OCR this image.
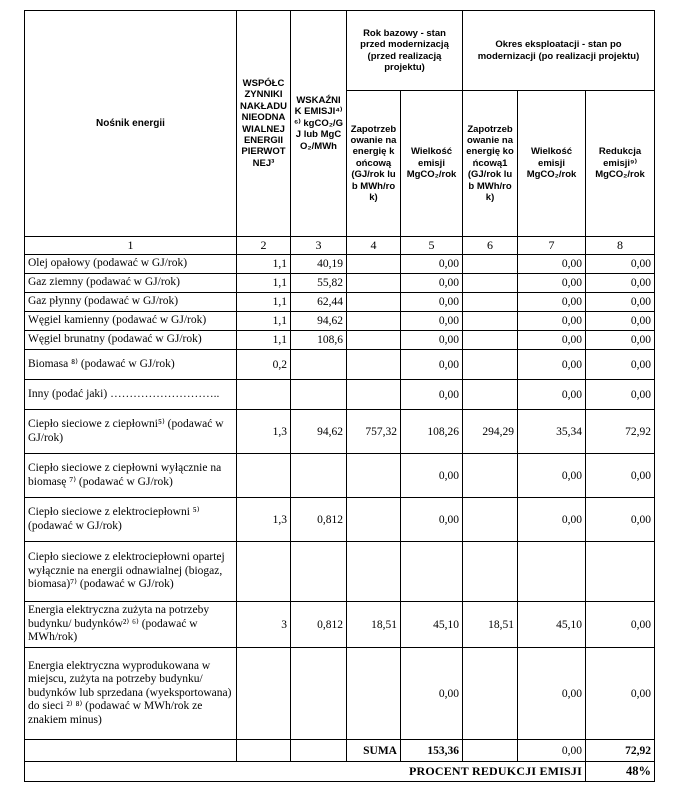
Nośnik energii	WSPÓŁCZYNNIKI NAKŁADU NIEODNAWIALNEJ ENERGII PIERWOTNEJ³	WSKAŹNIK EMISJI⁴⁾⁶⁾ kgCO₂/GJ lub MgCO₂/MWh	Rok bazowy - stan przed modernizacją (przed realizacją projektu)		Okres eksploatacji - stan po modernizacji (po realizacji projektu)		
			Zapotrzebowanie na energię końcową (GJ/rok lub MWh/rok)	Wielkość emisji MgCO₂/rok	Zapotrzebowanie na energię końcową1 (GJ/rok lub MWh/rok)	Wielkość emisji MgCO₂/rok	Redukcja emisji⁹⁾ MgCO₂/rok
1	2	3	4	5	6	7	8
Olej opałowy (podawać w GJ/rok)	1,1	40,19		0,00		0,00	0,00
Gaz ziemny (podawać w GJ/rok)	1,1	55,82		0,00		0,00	0,00
Gaz płynny (podawać w GJ/rok)	1,1	62,44		0,00		0,00	0,00
Węgiel kamienny (podawać w GJ/rok)	1,1	94,62		0,00		0,00	0,00
Węgiel brunatny (podawać w GJ/rok)	1,1	108,6		0,00		0,00	0,00
Biomasa ⁸⁾ (podawać w GJ/rok)	0,2			0,00		0,00	0,00
Inny (podać jaki) ………………………..				0,00		0,00	0,00
Ciepło sieciowe z ciepłowni⁵⁾ (podawać w GJ/rok)	1,3	94,62	757,32	108,26	294,29	35,34	72,92
Ciepło sieciowe z ciepłowni wyłącznie na biomasę ⁷⁾ (podawać w GJ/rok)				0,00		0,00	0,00
Ciepło sieciowe z elektrociepłowni ⁵⁾ (podawać w GJ/rok)	1,3	0,812		0,00		0,00	0,00
Ciepło sieciowe z elektrociepłowni opartej wyłącznie na energii odnawialnej (biogaz, biomasa)⁷⁾ (podawać w GJ/rok)							
Energia elektryczna zużyta na potrzeby budynku/ budynków²⁾ ⁶⁾ (podawać w MWh/rok)	3	0,812	18,51	45,10	18,51	45,10	0,00
Energia elektryczna wyprodukowana w miejscu, zużyta na potrzeby budynku/ budynków lub sprzedana (wyeksportowana) do sieci ²⁾ ⁸⁾ (podawać w MWh/rok ze znakiem minus)				0,00		0,00	0,00
			SUMA	153,36		0,00	72,92
PROCENT REDUKCJI EMISJI							48%
